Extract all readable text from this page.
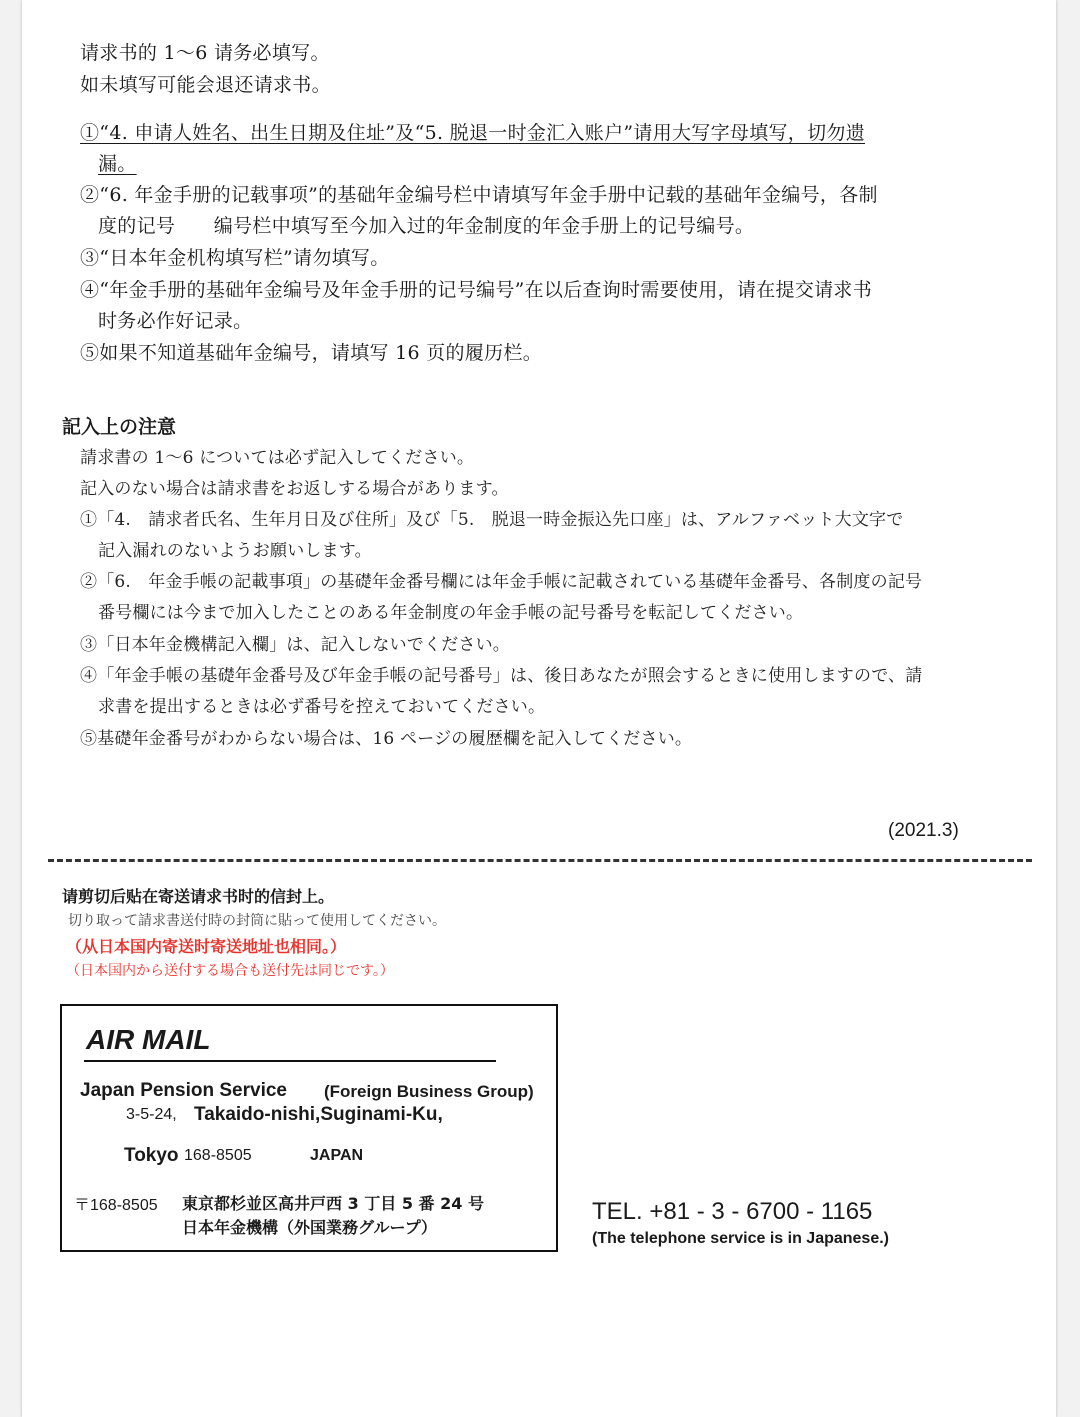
请求书的 1～6 请务必填写。
如未填写可能会退还请求书。
①“4. 申请人姓名、出生日期及住址”及“5. 脱退一时金汇入账户”请用大写字母填写，切勿遗
漏。
②“6. 年金手册的记载事项”的基础年金编号栏中请填写年金手册中记载的基础年金编号，各制
度的记号　　编号栏中填写至今加入过的年金制度的年金手册上的记号编号。
③“日本年金机构填写栏”请勿填写。
④“年金手册的基础年金编号及年金手册的记号编号”在以后查询时需要使用，请在提交请求书
时务必作好记录。
⑤如果不知道基础年金编号，请填写 16 页的履历栏。
記入上の注意
請求書の 1～6 については必ず記入してください。
記入のない場合は請求書をお返しする場合があります。
①「4.　請求者氏名、生年月日及び住所」及び「5.　脱退一時金振込先口座」は、アルファベット大文字で
記入漏れのないようお願いします。
②「6.　年金手帳の記載事項」の基礎年金番号欄には年金手帳に記載されている基礎年金番号、各制度の記号
番号欄には今まで加入したことのある年金制度の年金手帳の記号番号を転記してください。
③「日本年金機構記入欄」は、記入しないでください。
④「年金手帳の基礎年金番号及び年金手帳の記号番号」は、後日あなたが照会するときに使用しますので、請
求書を提出するときは必ず番号を控えておいてください。
⑤基礎年金番号がわからない場合は、16 ページの履歴欄を記入してください。
(2021.3)
请剪切后贴在寄送请求书时的信封上。
切り取って請求書送付時の封筒に貼って使用してください。
（从日本国内寄送时寄送地址也相同。）
（日本国内から送付する場合も送付先は同じです。）
AIR MAIL
Japan Pension Service (Foreign Business Group)
3-5-24, Takaido-nishi,Suginami-Ku,
Tokyo 168-8505	JAPAN
〒168-8505 東京都杉並区高井戸西 3 丁目 5 番 24 号
日本年金機構（外国業務グループ）
TEL. +81 - 3 - 6700 - 1165
(The telephone service is in Japanese.)
